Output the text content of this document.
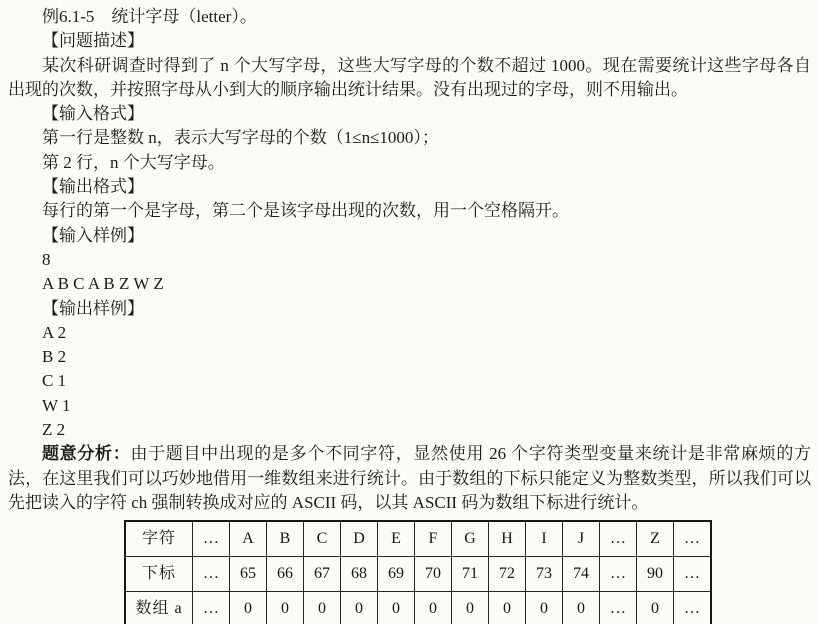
例6.1-5　统计字母（letter）。

【问题描述】

某次科研调查时得到了 n 个大写字母，这些大写字母的个数不超过 1000。现在需要统计这些字母各自出现的次数，并按照字母从小到大的顺序输出统计结果。没有出现过的字母，则不用输出。

【输入格式】

第一行是整数 n，表示大写字母的个数（1≤n≤1000）；

第 2 行，n 个大写字母。

【输出格式】

每行的第一个是字母，第二个是该字母出现的次数，用一个空格隔开。

【输入样例】

8

A B C A B Z W Z

【输出样例】

A 2

B 2

C 1

W 1

Z 2

题意分析：由于题目中出现的是多个不同字符，显然使用 26 个字符类型变量来统计是非常麻烦的方法，在这里我们可以巧妙地借用一维数组来进行统计。由于数组的下标只能定义为整数类型，所以我们可以先把读入的字符 ch 强制转换成对应的 ASCII 码，以其 ASCII 码为数组下标进行统计。

字符	…	A	B	C	D	E	F	G	H	I	J	…	Z	…
下标	…	65	66	67	68	69	70	71	72	73	74	…	90	…
数组 a	…	0	0	0	0	0	0	0	0	0	0	…	0	…
